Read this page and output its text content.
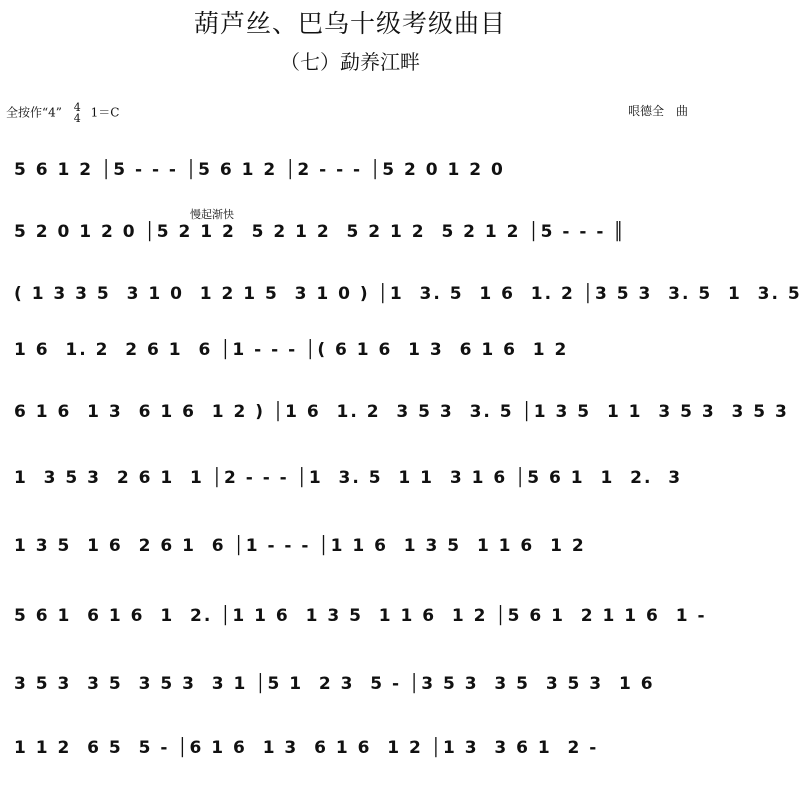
葫芦丝、巴乌十级考级曲目
（七）勐养江畔
全按作“4” 4
4 1＝C	哏德全　曲
5 6 1 2 │5 - - - │5 6 1 2 │2 - - - │5 2 0 1 2 0
慢起渐快
5 2 0 1 2 0 │5 2 1 2  5 2 1 2  5 2 1 2  5 2 1 2 │5 - - - ║
( 1 3 3 5  3 1 0  1 2 1 5  3 1 0 ) │1  3. 5  1 6  1. 2 │3 5 3  3. 5  1  3. 5
1 6  1. 2  2 6 1  6 │1 - - - │( 6 1 6  1 3  6 1 6  1 2
6 1 6  1 3  6 1 6  1 2 ) │1 6  1. 2  3 5 3  3. 5 │1 3 5  1 1  3 5 3  3 5 3
1  3 5 3  2 6 1  1 │2 - - - │1  3. 5  1 1  3 1 6 │5 6 1  1  2.  3
1 3 5  1 6  2 6 1  6 │1 - - - │1 1 6  1 3 5  1 1 6  1 2
5 6 1  6 1 6  1  2. │1 1 6  1 3 5  1 1 6  1 2 │5 6 1  2 1 1 6  1 -
3 5 3  3 5  3 5 3  3 1 │5 1  2 3  5 - │3 5 3  3 5  3 5 3  1 6
1 1 2  6 5  5 - │6 1 6  1 3  6 1 6  1 2 │1 3  3 6 1  2 -
